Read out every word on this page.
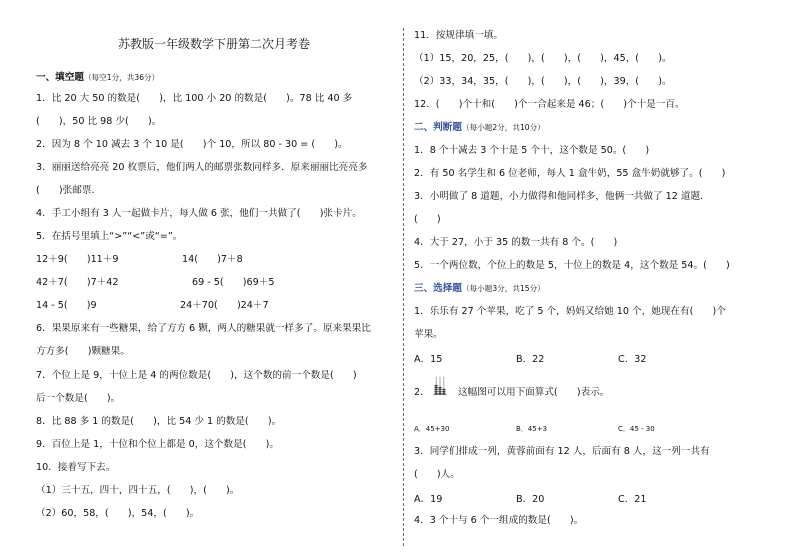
苏教版一年级数学下册第二次月考卷
一、填空题（每空1分，共36分）
1．比 20 大 50 的数是(　　)，比 100 小 20 的数是(　　)。78 比 40 多
(　　)，50 比 98 少(　　)。
2．因为 8 个 10 减去 3 个 10 是(　　)个 10，所以 80 - 30 = (　　)。
3．丽丽送给亮亮 20 枚票后，他们两人的邮票张数同样多．原来丽丽比亮亮多
(　　)张邮票．
4．手工小组有 3 人一起做卡片，每人做 6 张，他们一共做了(　　)张卡片。
5．在括号里填上“>”“<”或“=”。
12＋9(　　)11＋9	14(　　)7＋8
42＋7(　　)7＋42	69 - 5(　　)69＋5
14 - 5(　　)9	24＋70(　　)24＋7
6．果果原来有一些糖果，给了方方 6 颗，两人的糖果就一样多了。原来果果比
方方多(　　)颗糖果。
7．个位上是 9，十位上是 4 的两位数是(　　)，这个数的前一个数是(　　)
后一个数是(　　)。
8．比 88 多 1 的数是(　　)，比 54 少 1 的数是(　　)。
9．百位上是 1，十位和个位上都是 0，这个数是(　　)。
10．接着写下去。
（1）三十五，四十，四十五，(　　)，(　　)。
（2）60，58，(　　)，54，(　　)。
11．按规律填一填。
（1）15，20，25，(　　)，(　　)，(　　)，45，(　　)。
（2）33，34，35，(　　)，(　　)，(　　)，39，(　　)。
12．(　　)个十和(　　)个一合起来是 46；(　　)个十是一百。
二、判断题（每小题2分，共10分）
1．8 个十减去 3 个十是 5 个十，这个数是 50。(　　)
2．有 50 名学生和 6 位老师，每人 1 盒牛奶，55 盒牛奶就够了。(　　)
3．小明做了 8 道题，小力做得和他同样多，他俩一共做了 12 道题．
(　　)
4．大于 27，小于 35 的数一共有 8 个。(　　)
5．一个两位数，个位上的数是 5，十位上的数是 4，这个数是 54。(　　)
三、选择题（每小题3分，共15分）
1．乐乐有 27 个苹果，吃了 5 个，妈妈又给她 10 个，她现在有(　　)个
苹果。
A．15	B．22	C．32
2．	这幅图可以用下面算式(　　)表示。
A．45+30	B．45+3	C．45 - 30
3．同学们排成一列，黄蓉前面有 12 人，后面有 8 人，这一列一共有
(　　)人。
A．19	B．20	C．21
4．3 个十与 6 个一组成的数是(　　)。
